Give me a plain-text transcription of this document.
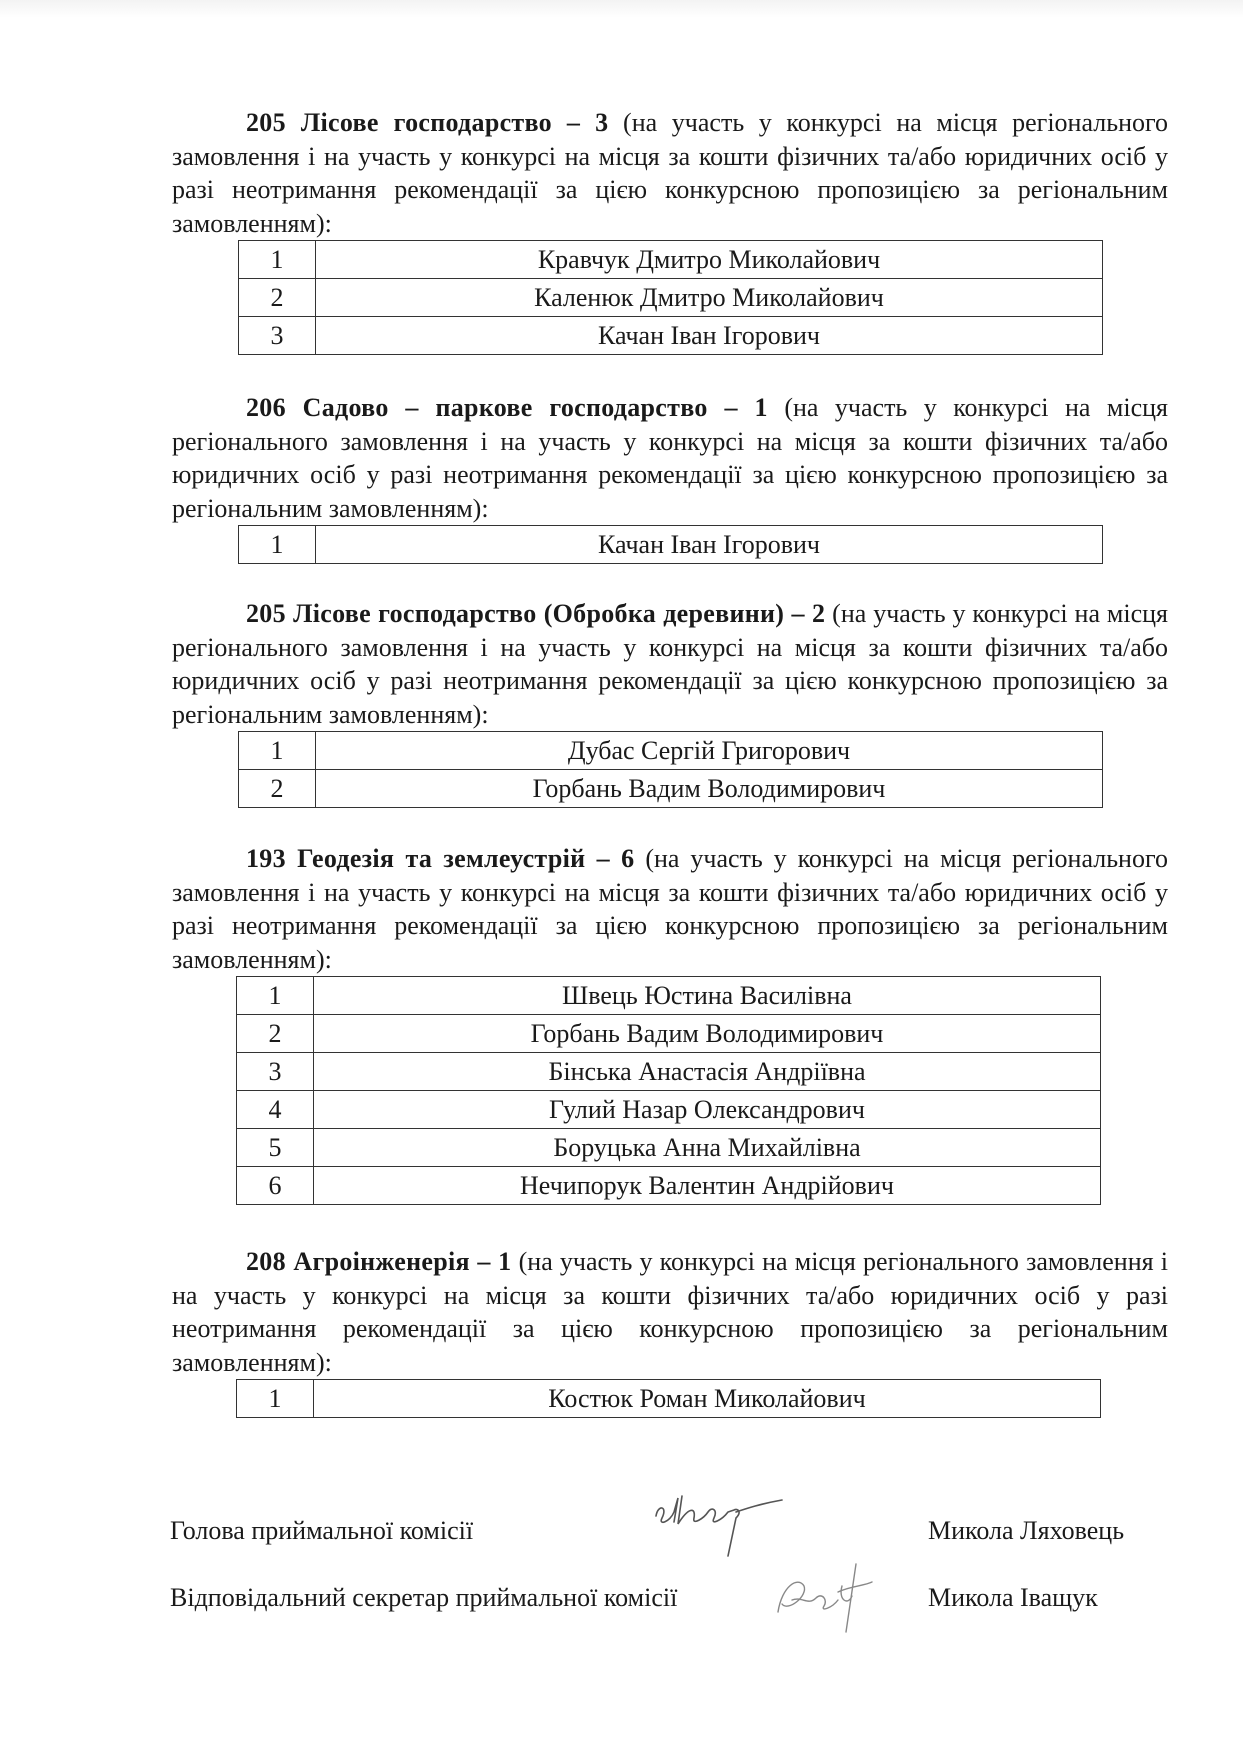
205 Лісове господарство – 3 (на участь у конкурсі на місця регіонального замовлення і на участь у конкурсі на місця за кошти фізичних та/або юридичних осіб у разі неотримання рекомендації за цією конкурсною пропозицією за регіональним замовленням):

1	Кравчук Дмитро Миколайович
2	Каленюк Дмитро Миколайович
3	Качан Іван Ігорович

206 Садово – паркове господарство – 1 (на участь у конкурсі на місця регіонального замовлення і на участь у конкурсі на місця за кошти фізичних та/або юридичних осіб у разі неотримання рекомендації за цією конкурсною пропозицією за регіональним замовленням):

1	Качан Іван Ігорович

205 Лісове господарство (Обробка деревини) – 2 (на участь у конкурсі на місця регіонального замовлення і на участь у конкурсі на місця за кошти фізичних та/або юридичних осіб у разі неотримання рекомендації за цією конкурсною пропозицією за регіональним замовленням):

1	Дубас Сергій Григорович
2	Горбань Вадим Володимирович

193 Геодезія та землеустрій – 6 (на участь у конкурсі на місця регіонального замовлення і на участь у конкурсі на місця за кошти фізичних та/або юридичних осіб у разі неотримання рекомендації за цією конкурсною пропозицією за регіональним замовленням):

1	Швець Юстина Василівна
2	Горбань Вадим Володимирович
3	Бінська Анастасія Андріївна
4	Гулий Назар Олександрович
5	Боруцька Анна Михайлівна
6	Нечипорук Валентин Андрійович

208 Агроінженерія – 1 (на участь у конкурсі на місця регіонального замовлення і на участь у конкурсі на місця за кошти фізичних та/або юридичних осіб у разі неотримання рекомендації за цією конкурсною пропозицією за регіональним замовленням):

1	Костюк Роман Миколайович
Голова приймальної комісії	Микола Ляховець
Відповідальний секретар приймальної комісії	Микола Іващук
